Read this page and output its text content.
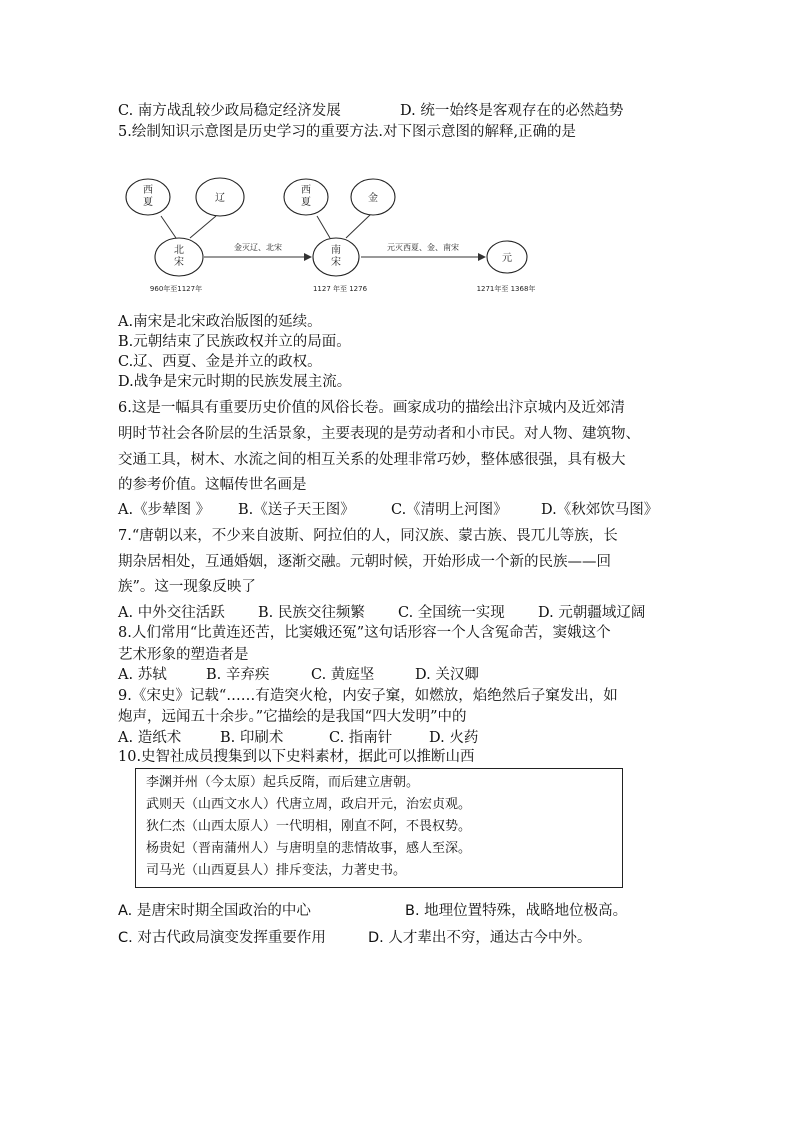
C. 南方战乱较少政局稳定经济发展	D. 统一始终是客观存在的必然趋势
5.绘制知识示意图是历史学习的重要方法.对下图示意图的解释,正确的是
西
夏	辽
北
宋
西
夏	金
南
宋	元
金灭辽、北宋	元灭西夏、金、南宋
960年至1127年	1127 年至 1276	1271年至 1368年
A.南宋是北宋政治版图的延续。
B.元朝结束了民族政权并立的局面。
C.辽、西夏、金是并立的政权。
D.战争是宋元时期的民族发展主流。
6.这是一幅具有重要历史价值的风俗长卷。画家成功的描绘出汴京城内及近郊清
明时节社会各阶层的生活景象，主要表现的是劳动者和小市民。对人物、建筑物、
交通工具，树木、水流之间的相互关系的处理非常巧妙，整体感很强，具有极大
的参考价值。这幅传世名画是
A.《步辇图 》 B.《送子天王图》 C.《清明上河图》 D.《秋郊饮马图》
7.“唐朝以来，不少来自波斯、阿拉伯的人，同汉族、蒙古族、畏兀儿等族，长
期杂居相处，互通婚姻，逐渐交融。元朝时候，开始形成一个新的民族——回
族”。这一现象反映了
A. 中外交往活跃 B. 民族交往频繁 C. 全国统一实现 D. 元朝疆域辽阔
8.人们常用“比黄连还苦，比窦娥还冤”这句话形容一个人含冤命苦，窦娥这个
艺术形象的塑造者是
A. 苏轼	B. 辛弃疾	C. 黄庭坚	D. 关汉卿
9.《宋史》记载“……有造突火枪，内安子窠，如燃放，焰绝然后子窠发出，如
炮声，远闻五十余步。”它描绘的是我国“四大发明”中的
A. 造纸术	B. 印刷术	C. 指南针	D. 火药
10.史智社成员搜集到以下史料素材，据此可以推断山西
李渊并州（今太原）起兵反隋，而后建立唐朝。
武则天（山西文水人）代唐立周，政启开元，治宏贞观。
狄仁杰（山西太原人）一代明相，刚直不阿，不畏权势。
杨贵妃（晋南蒲州人）与唐明皇的悲情故事，感人至深。
司马光（山西夏县人）排斥变法，力著史书。
A. 是唐宋时期全国政治的中心	B. 地理位置特殊，战略地位极高。
C. 对古代政局演变发挥重要作用	D. 人才辈出不穷，通达古今中外。
